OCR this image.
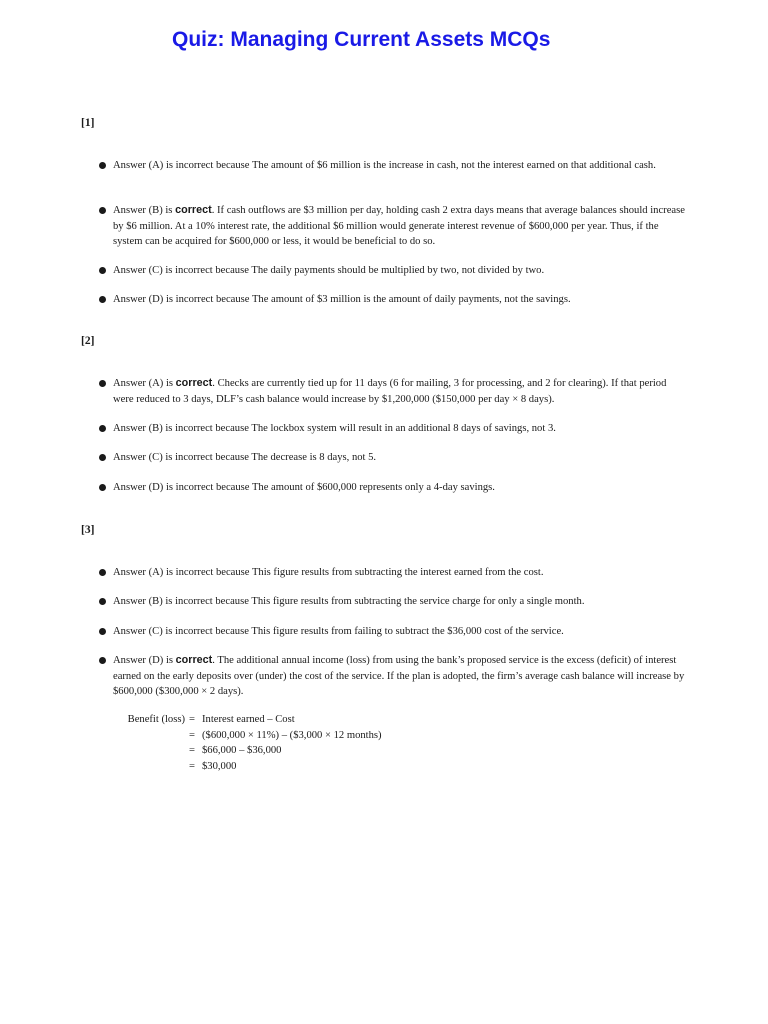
Quiz: Managing Current Assets MCQs
[1]
Answer (A) is incorrect because The amount of $6 million is the increase in cash, not the interest earned on that additional cash.
Answer (B) is correct. If cash outflows are $3 million per day, holding cash 2 extra days means that average balances should increase by $6 million. At a 10% interest rate, the additional $6 million would generate interest revenue of $600,000 per year. Thus, if the system can be acquired for $600,000 or less, it would be beneficial to do so.
Answer (C) is incorrect because The daily payments should be multiplied by two, not divided by two.
Answer (D) is incorrect because The amount of $3 million is the amount of daily payments, not the savings.
[2]
Answer (A) is correct. Checks are currently tied up for 11 days (6 for mailing, 3 for processing, and 2 for clearing). If that period were reduced to 3 days, DLF’s cash balance would increase by $1,200,000 ($150,000 per day × 8 days).
Answer (B) is incorrect because The lockbox system will result in an additional 8 days of savings, not 3.
Answer (C) is incorrect because The decrease is 8 days, not 5.
Answer (D) is incorrect because The amount of $600,000 represents only a 4-day savings.
[3]
Answer (A) is incorrect because This figure results from subtracting the interest earned from the cost.
Answer (B) is incorrect because This figure results from subtracting the service charge for only a single month.
Answer (C) is incorrect because This figure results from failing to subtract the $36,000 cost of the service.
Answer (D) is correct. The additional annual income (loss) from using the bank’s proposed service is the excess (deficit) of interest earned on the early deposits over (under) the cost of the service. If the plan is adopted, the firm’s average cash balance will increase by $600,000 ($300,000 × 2 days).
Benefit (loss) = Interest earned – Cost
= ($600,000 × 11%) – ($3,000 × 12 months)
= $66,000 – $36,000
= $30,000
